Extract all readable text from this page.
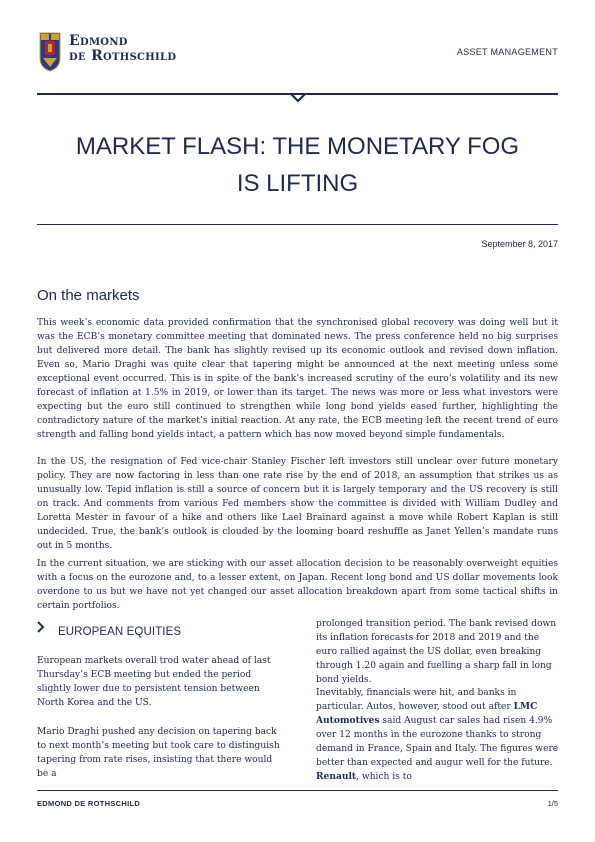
Edmond
de Rothschild	ASSET MANAGEMENT
MARKET FLASH: THE MONETARY FOG
IS LIFTING
September 8, 2017
On the markets

This week’s economic data provided confirmation that the synchronised global recovery was doing well but it was the ECB’s monetary committee meeting that dominated news. The press conference held no big surprises but delivered more detail. The bank has slightly revised up its economic outlook and revised down inflation. Even so, Mario Draghi was quite clear that tapering might be announced at the next meeting unless some exceptional event occurred. This is in spite of the bank’s increased scrutiny of the euro’s volatility and its new forecast of inflation at 1.5% in 2019, or lower than its target. The news was more or less what investors were expecting but the euro still continued to strengthen while long bond yields eased further, highlighting the contradictory nature of the market’s initial reaction. At any rate, the ECB meeting left the recent trend of euro strength and falling bond yields intact, a pattern which has now moved beyond simple fundamentals.

In the US, the resignation of Fed vice-chair Stanley Fischer left investors still unclear over future monetary policy. They are now factoring in less than one rate rise by the end of 2018, an assumption that strikes us as unusually low. Tepid inflation is still a source of concern but it is largely temporary and the US recovery is still on track. And comments from various Fed members show the committee is divided with William Dudley and Loretta Mester in favour of a hike and others like Lael Brainard against a move while Robert Kaplan is still undecided. True, the bank’s outlook is clouded by the looming board reshuffle as Janet Yellen’s mandate runs out in 5 months.

In the current situation, we are sticking with our asset allocation decision to be reasonably overweight equities with a focus on the eurozone and, to a lesser extent, on Japan. Recent long bond and US dollar movements look overdone to us but we have not yet changed our asset allocation breakdown apart from some tactical shifts in certain portfolios.

EUROPEAN EQUITIES

European markets overall trod water ahead of last Thursday’s ECB meeting but ended the period slightly lower due to persistent tension between North Korea and the US.

Mario Draghi pushed any decision on tapering back to next month’s meeting but took care to distinguish tapering from rate rises, insisting that there would be a

prolonged transition period. The bank revised down its inflation forecasts for 2018 and 2019 and the euro rallied against the US dollar, even breaking through 1.20 again and fuelling a sharp fall in long bond yields.

Inevitably, financials were hit, and banks in particular. Autos, however, stood out after LMC Automotives said August car sales had risen 4.9% over 12 months in the eurozone thanks to strong demand in France, Spain and Italy. The figures were better than expected and augur well for the future. Renault, which is to

EDMOND DE ROTHSCHILD	1/5
